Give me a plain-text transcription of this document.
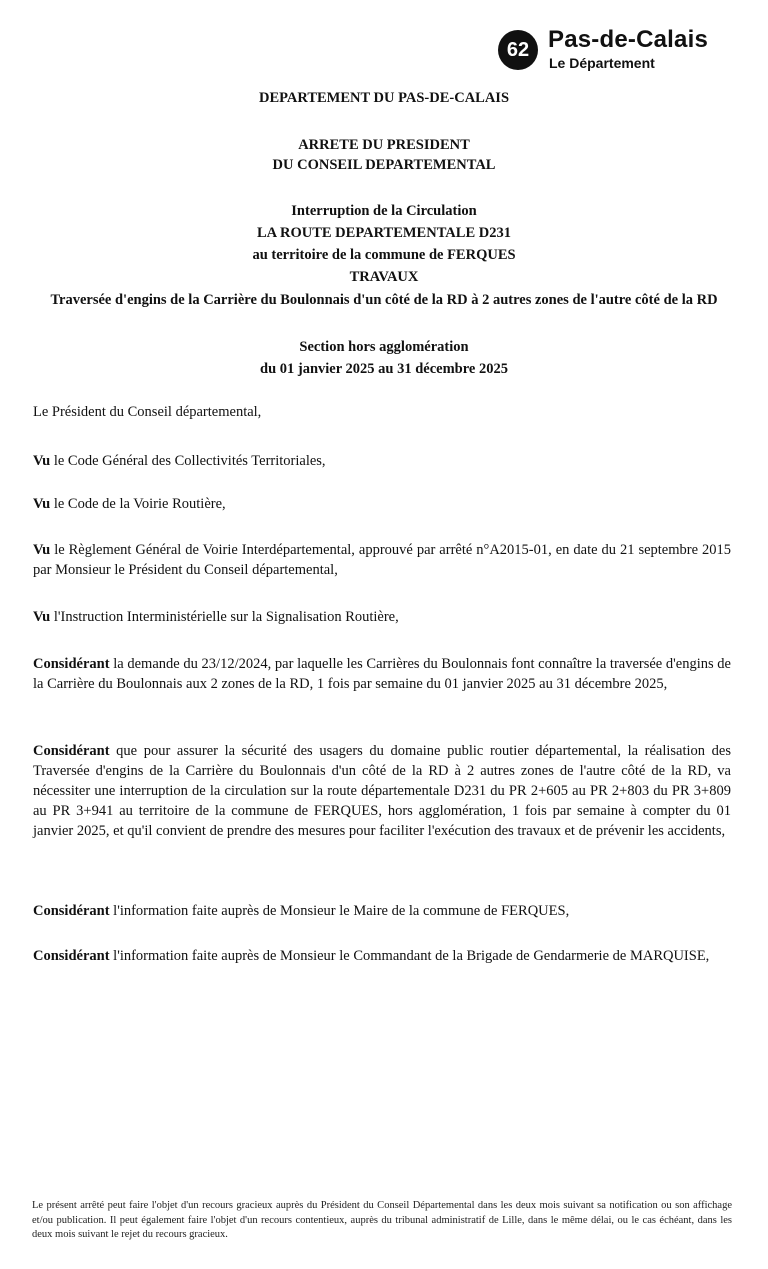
62 Pas-de-Calais
Le Département
DEPARTEMENT DU PAS-DE-CALAIS
ARRETE DU PRESIDENT
DU CONSEIL DEPARTEMENTAL
Interruption de la Circulation
LA ROUTE DEPARTEMENTALE D231
au territoire de la commune de FERQUES
TRAVAUX
Traversée d'engins de la Carrière du Boulonnais d'un côté de la RD à 2 autres zones de l'autre côté de la RD
Section hors agglomération
du 01 janvier 2025 au 31 décembre 2025
Le Président du Conseil départemental,
Vu le Code Général des Collectivités Territoriales,
Vu le Code de la Voirie Routière,
Vu le Règlement Général de Voirie Interdépartemental, approuvé par arrêté n°A2015-01, en date du 21 septembre 2015 par Monsieur le Président du Conseil départemental,
Vu l'Instruction Interministérielle sur la Signalisation Routière,
Considérant la demande du 23/12/2024, par laquelle les Carrières du Boulonnais font connaître la traversée d'engins de la Carrière du Boulonnais aux 2 zones de la RD, 1 fois par semaine du 01 janvier 2025 au 31 décembre 2025,
Considérant que pour assurer la sécurité des usagers du domaine public routier départemental, la réalisation des Traversée d'engins de la Carrière du Boulonnais d'un côté de la RD à 2 autres zones de l'autre côté de la RD, va nécessiter une interruption de la circulation sur la route départementale D231 du PR 2+605 au PR 2+803 du PR 3+809 au PR 3+941 au territoire de la commune de FERQUES, hors agglomération, 1 fois par semaine à compter du 01 janvier 2025, et qu'il convient de prendre des mesures pour faciliter l'exécution des travaux et de prévenir les accidents,
Considérant l'information faite auprès de Monsieur le Maire de la commune de FERQUES,
Considérant l'information faite auprès de Monsieur le Commandant de la Brigade de Gendarmerie de MARQUISE,
Le présent arrêté peut faire l'objet d'un recours gracieux auprès du Président du Conseil Départemental dans les deux mois suivant sa notification ou son affichage et/ou publication. Il peut également faire l'objet d'un recours contentieux, auprès du tribunal administratif de Lille, dans le même délai, ou le cas échéant, dans les deux mois suivant le rejet du recours gracieux.
